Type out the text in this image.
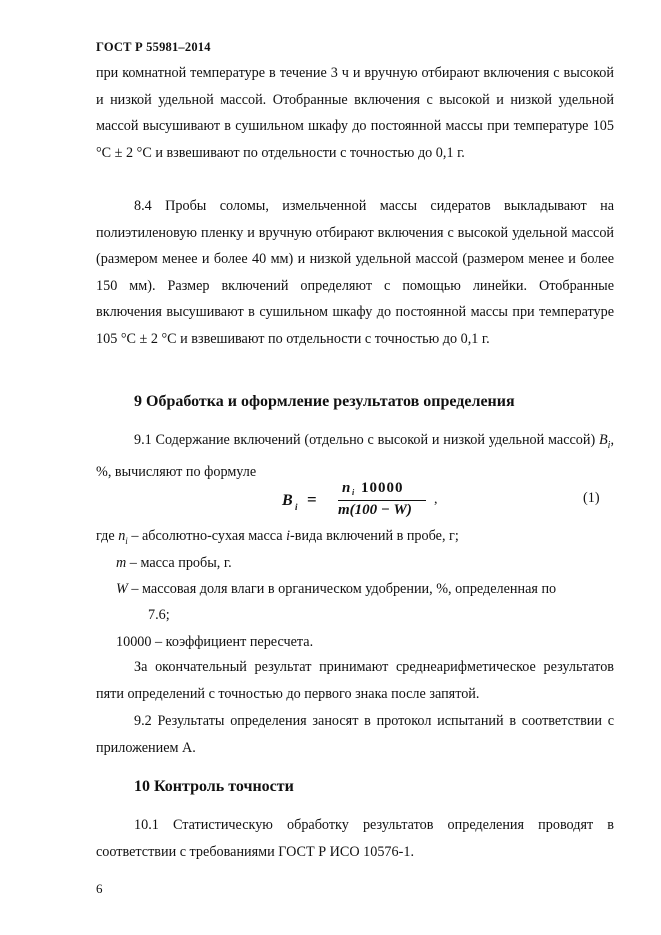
ГОСТ Р 55981–2014
при комнатной температуре в течение 3 ч и вручную отбирают включения с высокой и низкой удельной массой. Отобранные включения с высокой и низкой удельной массой высушивают в сушильном шкафу до постоянной массы при температуре 105 °С ± 2 °С и взвешивают по отдельности с точностью до 0,1 г.
8.4 Пробы соломы, измельченной массы сидератов выкладывают на полиэтиленовую пленку и вручную отбирают включения с высокой удельной массой (размером менее и более 40 мм) и низкой удельной массой (размером менее и более 150 мм). Размер включений определяют с помощью линейки. Отобранные включения высушивают в сушильном шкафу до постоянной массы при температуре 105 °С ± 2 °С и взвешивают по отдельности с точностью до 0,1 г.
9 Обработка и оформление результатов определения
9.1 Содержание включений (отдельно с высокой и низкой удельной массой) $B_i$, %, вычисляют по формуле
B i =
n i 10000
m(100 − W)
,	(1)
где $n_i$ – абсолютно-сухая масса i-вида включений в пробе, г;
m – масса пробы, г.
W – массовая доля влаги в органическом удобрении, %, определенная по
7.6;
10000 – коэффициент пересчета.
За окончательный результат принимают среднеарифметическое результатов пяти определений с точностью до первого знака после запятой.
9.2 Результаты определения заносят в протокол испытаний в соответствии с приложением А.
10 Контроль точности
10.1 Статистическую обработку результатов определения проводят в соответствии с требованиями ГОСТ Р ИСО 10576-1.
6
